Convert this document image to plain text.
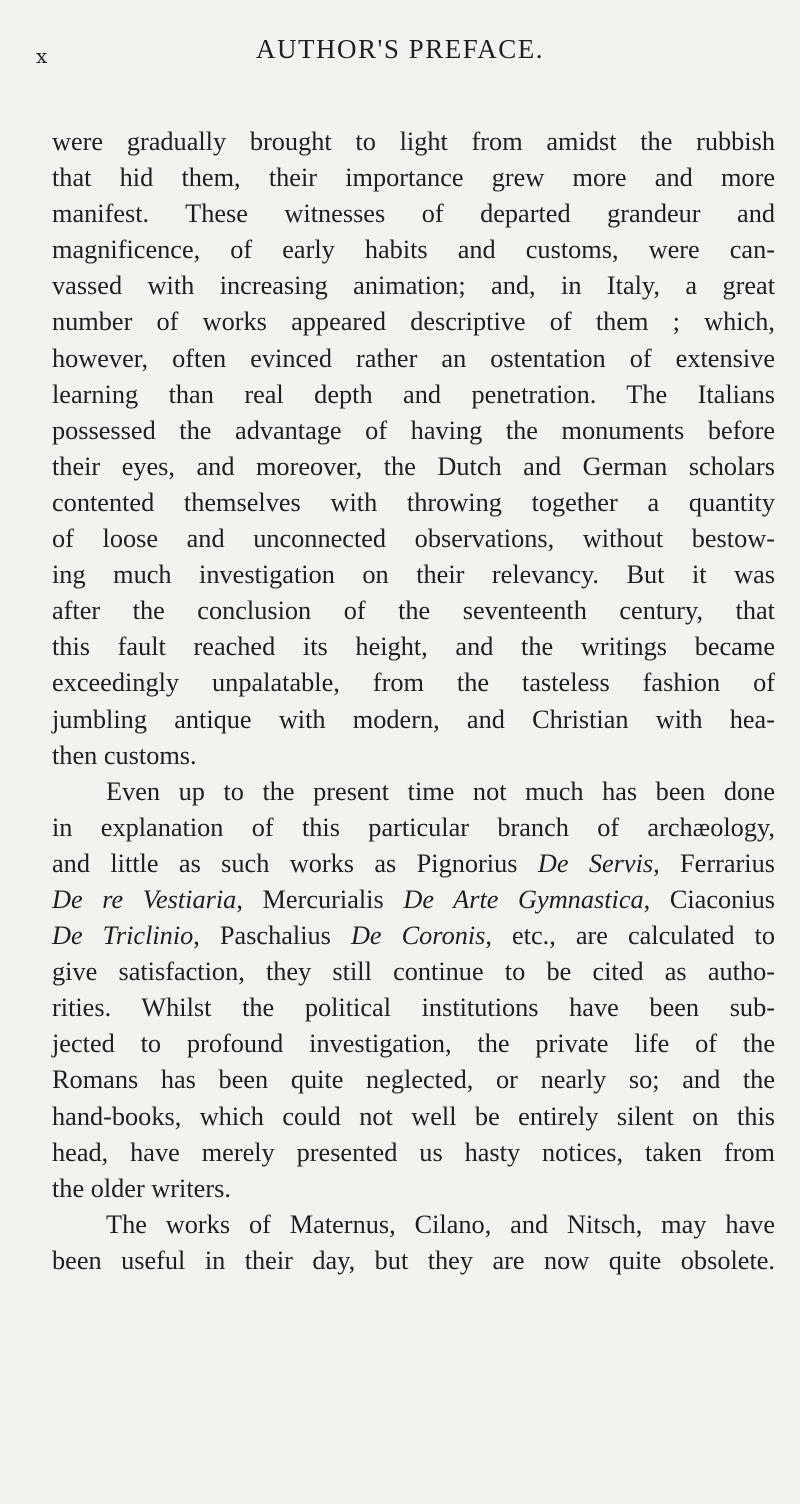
x	AUTHOR'S PREFACE.
were gradually brought to light from amidst the rubbish
that hid them, their importance grew more and more
manifest. These witnesses of departed grandeur and
magnificence, of early habits and customs, were can-
vassed with increasing animation; and, in Italy, a great
number of works appeared descriptive of them ; which,
however, often evinced rather an ostentation of extensive
learning than real depth and penetration. The Italians
possessed the advantage of having the monuments before
their eyes, and moreover, the Dutch and German scholars
contented themselves with throwing together a quantity
of loose and unconnected observations, without bestow-
ing much investigation on their relevancy. But it was
after the conclusion of the seventeenth century, that
this fault reached its height, and the writings became
exceedingly unpalatable, from the tasteless fashion of
jumbling antique with modern, and Christian with hea-
then customs.
Even up to the present time not much has been done
in explanation of this particular branch of archæology,
and little as such works as Pignorius De Servis, Ferrarius
De re Vestiaria, Mercurialis De Arte Gymnastica, Ciaconius
De Triclinio, Paschalius De Coronis, etc., are calculated to
give satisfaction, they still continue to be cited as autho-
rities. Whilst the political institutions have been sub-
jected to profound investigation, the private life of the
Romans has been quite neglected, or nearly so; and the
hand-books, which could not well be entirely silent on this
head, have merely presented us hasty notices, taken from
the older writers.
The works of Maternus, Cilano, and Nitsch, may have
been useful in their day, but they are now quite obsolete.
